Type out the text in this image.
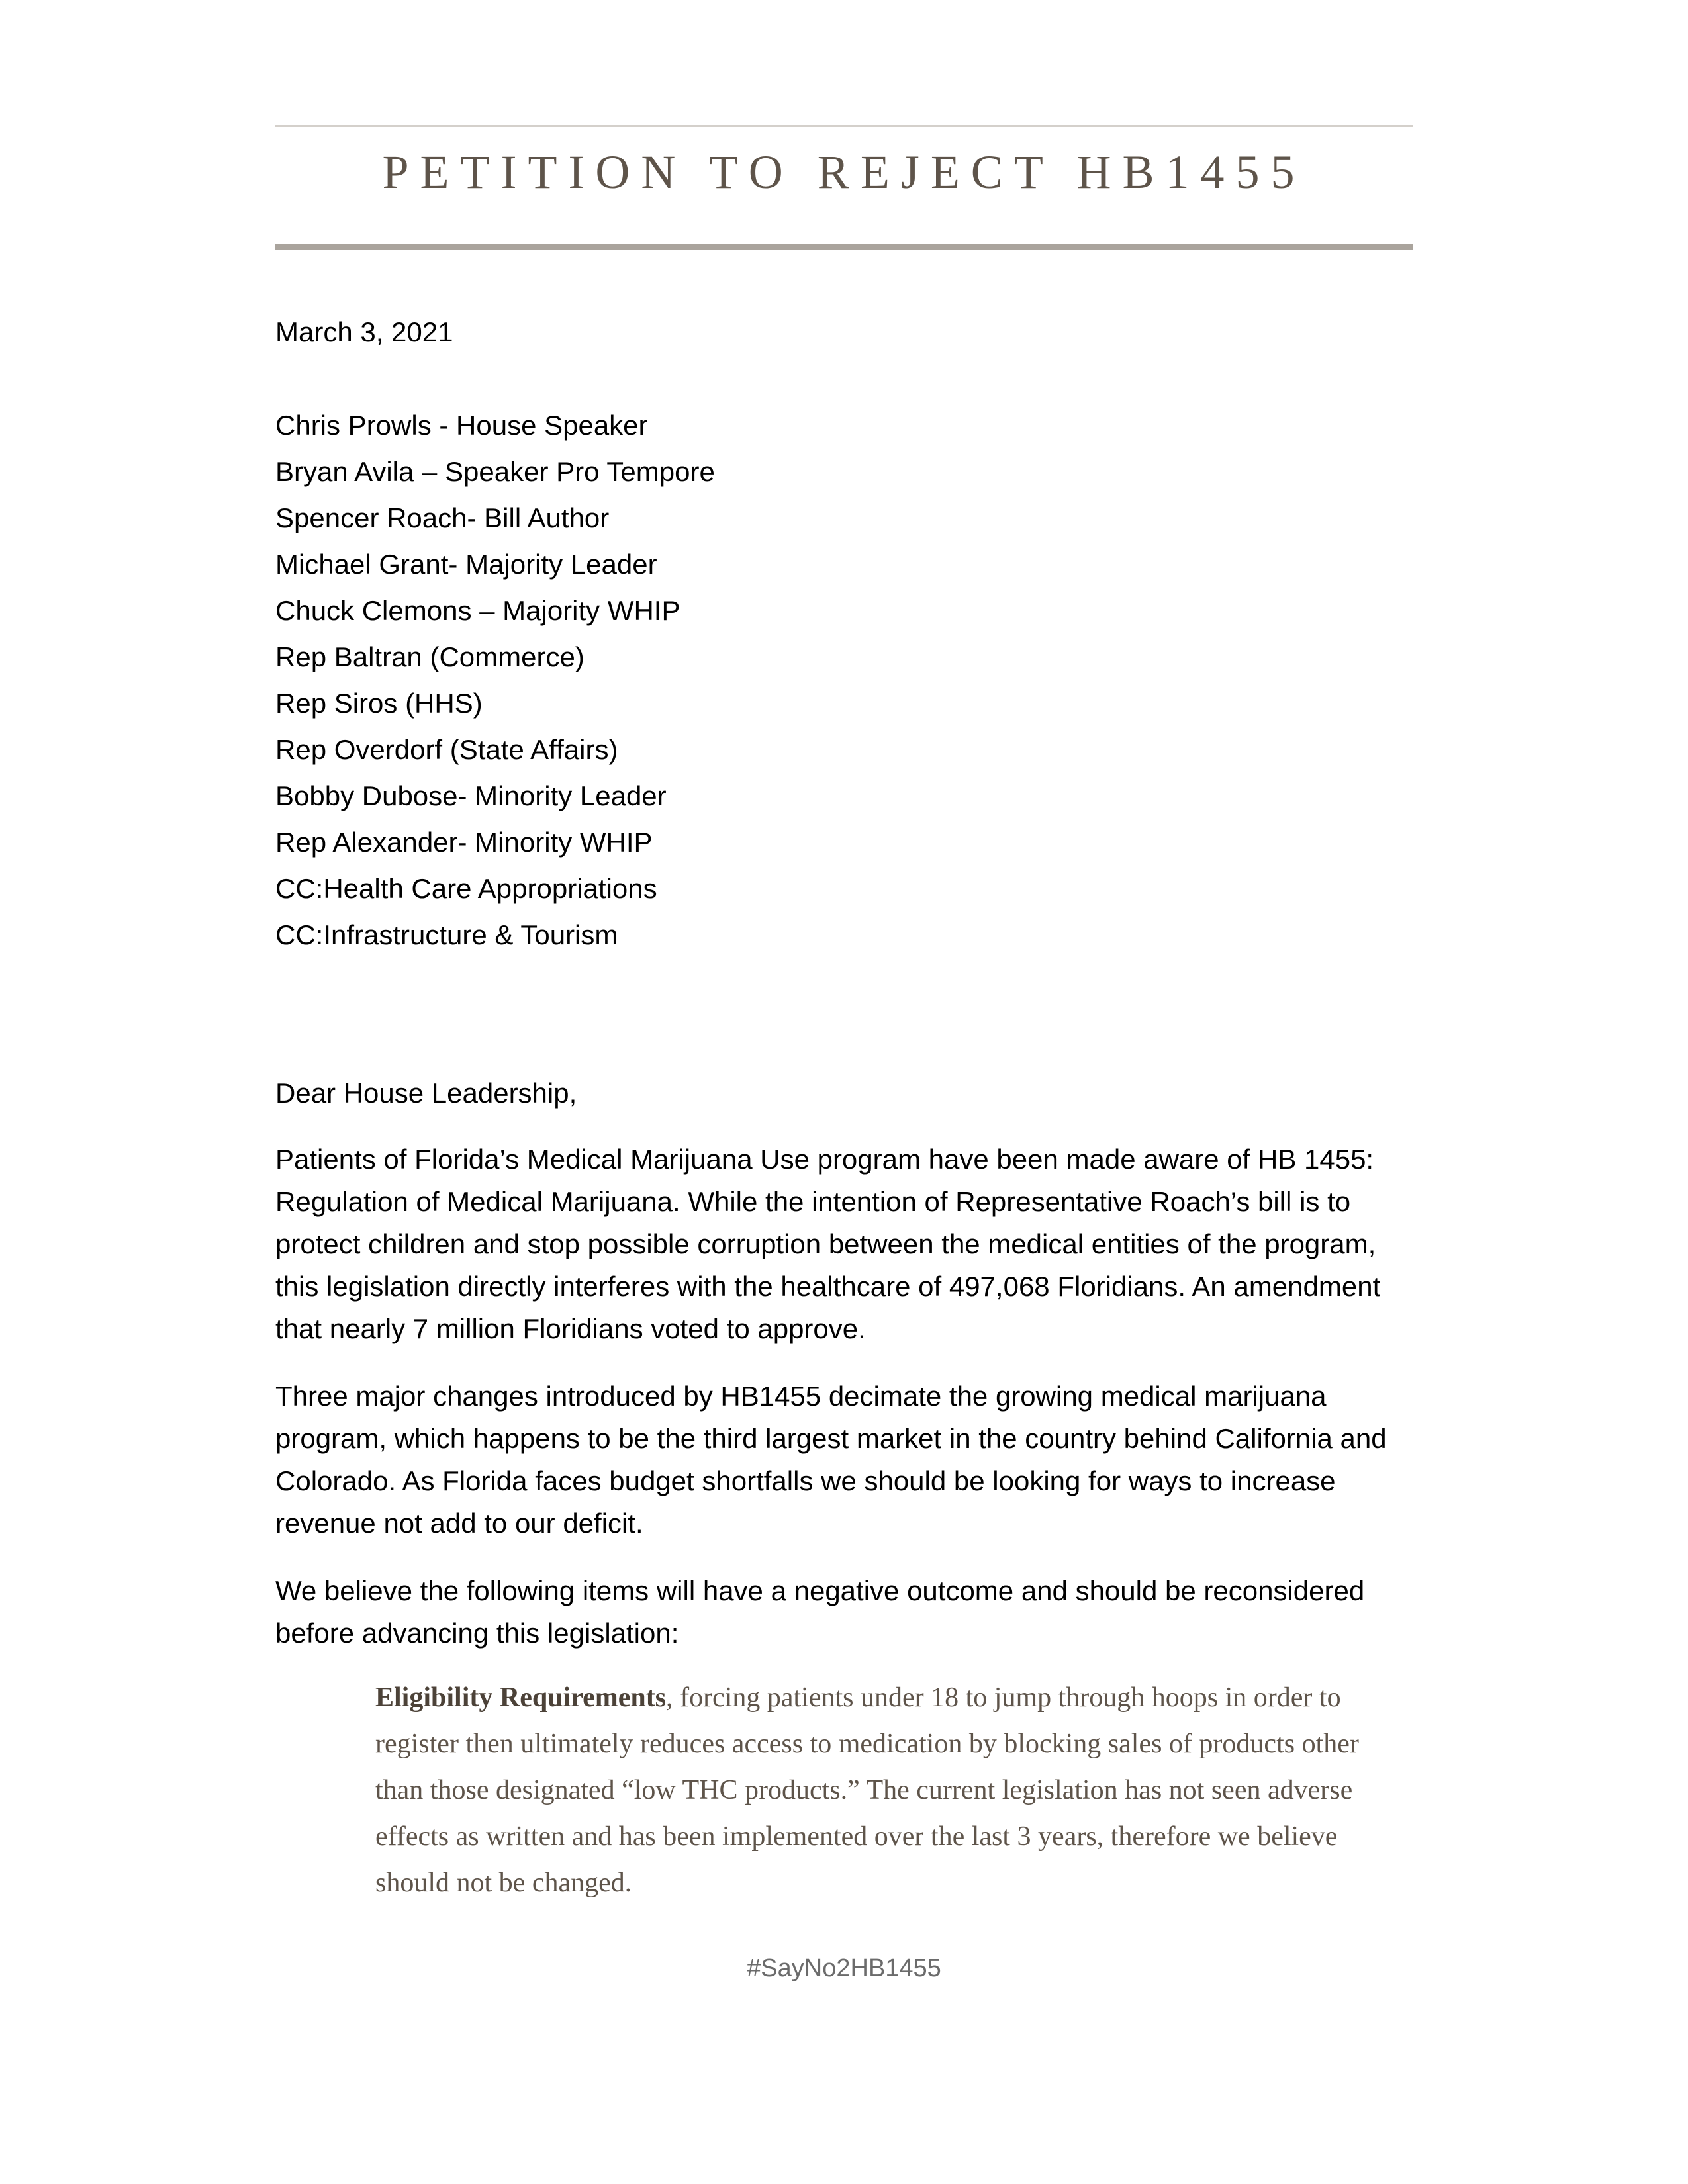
PETITION TO REJECT HB1455

March 3, 2021

Chris Prowls - House Speaker
Bryan Avila – Speaker Pro Tempore
Spencer Roach- Bill Author
Michael Grant- Majority Leader
Chuck Clemons – Majority WHIP
Rep Baltran (Commerce)
Rep Siros (HHS)
Rep Overdorf (State Affairs)
Bobby Dubose- Minority Leader
Rep Alexander- Minority WHIP
CC:Health Care Appropriations
CC:Infrastructure & Tourism

Dear House Leadership,

Patients of Florida’s Medical Marijuana Use program have been made aware of HB 1455: Regulation of Medical Marijuana. While the intention of Representative Roach’s bill is to protect children and stop possible corruption between the medical entities of the program, this legislation directly interferes with the healthcare of 497,068 Floridians. An amendment that nearly 7 million Floridians voted to approve.

Three major changes introduced by HB1455 decimate the growing medical marijuana program, which happens to be the third largest market in the country behind California and Colorado. As Florida faces budget shortfalls we should be looking for ways to increase revenue not add to our deficit.

We believe the following items will have a negative outcome and should be reconsidered before advancing this legislation:

Eligibility Requirements, forcing patients under 18 to jump through hoops in order to register then ultimately reduces access to medication by blocking sales of products other than those designated “low THC products.” The current legislation has not seen adverse effects as written and has been implemented over the last 3 years, therefore we believe should not be changed.

#SayNo2HB1455
